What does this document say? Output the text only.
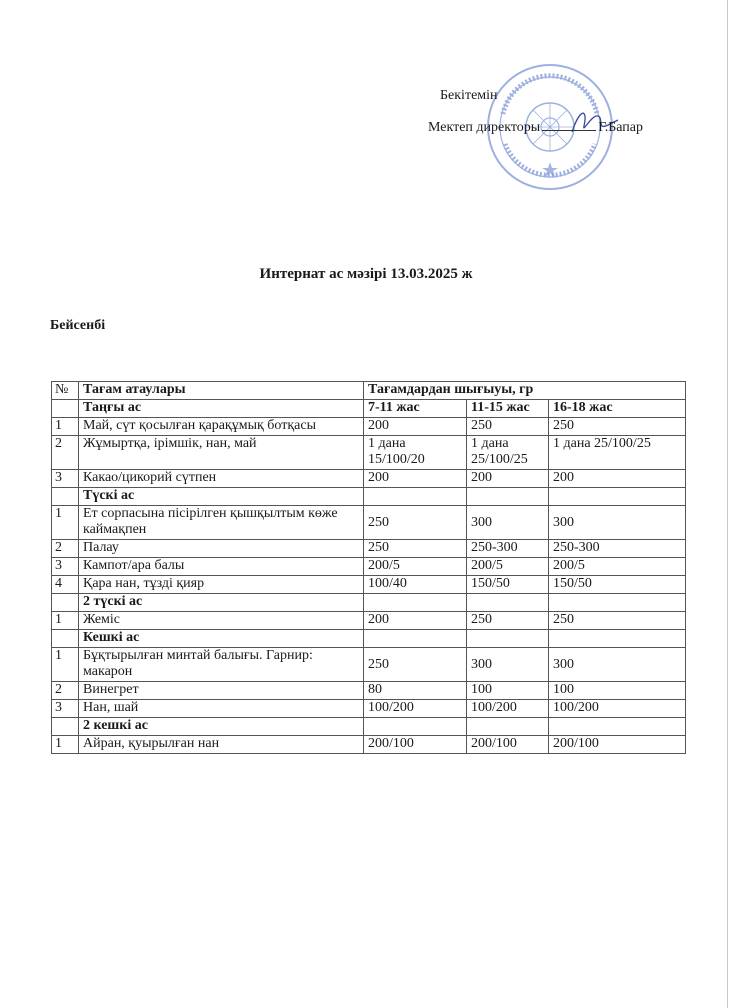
Бекітемін
Мектеп директоры	Г.Бапар
Интернат ас мәзірі 13.03.2025 ж
Бейсенбі
№	Тағам атаулары	Тағамдардан шығыуы, гр		
	Таңғы ас	7-11 жас	11-15 жас	16-18 жас
1	Май, сүт қосылған қарақұмық ботқасы	200	250	250
2	Жұмыртқа, ірімшік, нан, май	1 дана 15/100/20	1 дана 25/100/25	1 дана 25/100/25
3	Какао/цикорий сүтпен	200	200	200
	Түскі ас			
1	Ет сорпасына пісірілген қышқылтым көже каймақпен	250	300	300
2	Палау	250	250-300	250-300
3	Кампот/ара балы	200/5	200/5	200/5
4	Қара нан, тұзді қияр	100/40	150/50	150/50
	2 түскі ас			
1	Жеміс	200	250	250
	Кешкі ас			
1	Бұқтырылған минтай балығы. Гарнир: макарон	250	300	300
2	Винегрет	80	100	100
3	Нан, шай	100/200	100/200	100/200
	2 кешкі ас			
1	Айран, қуырылған нан	200/100	200/100	200/100
